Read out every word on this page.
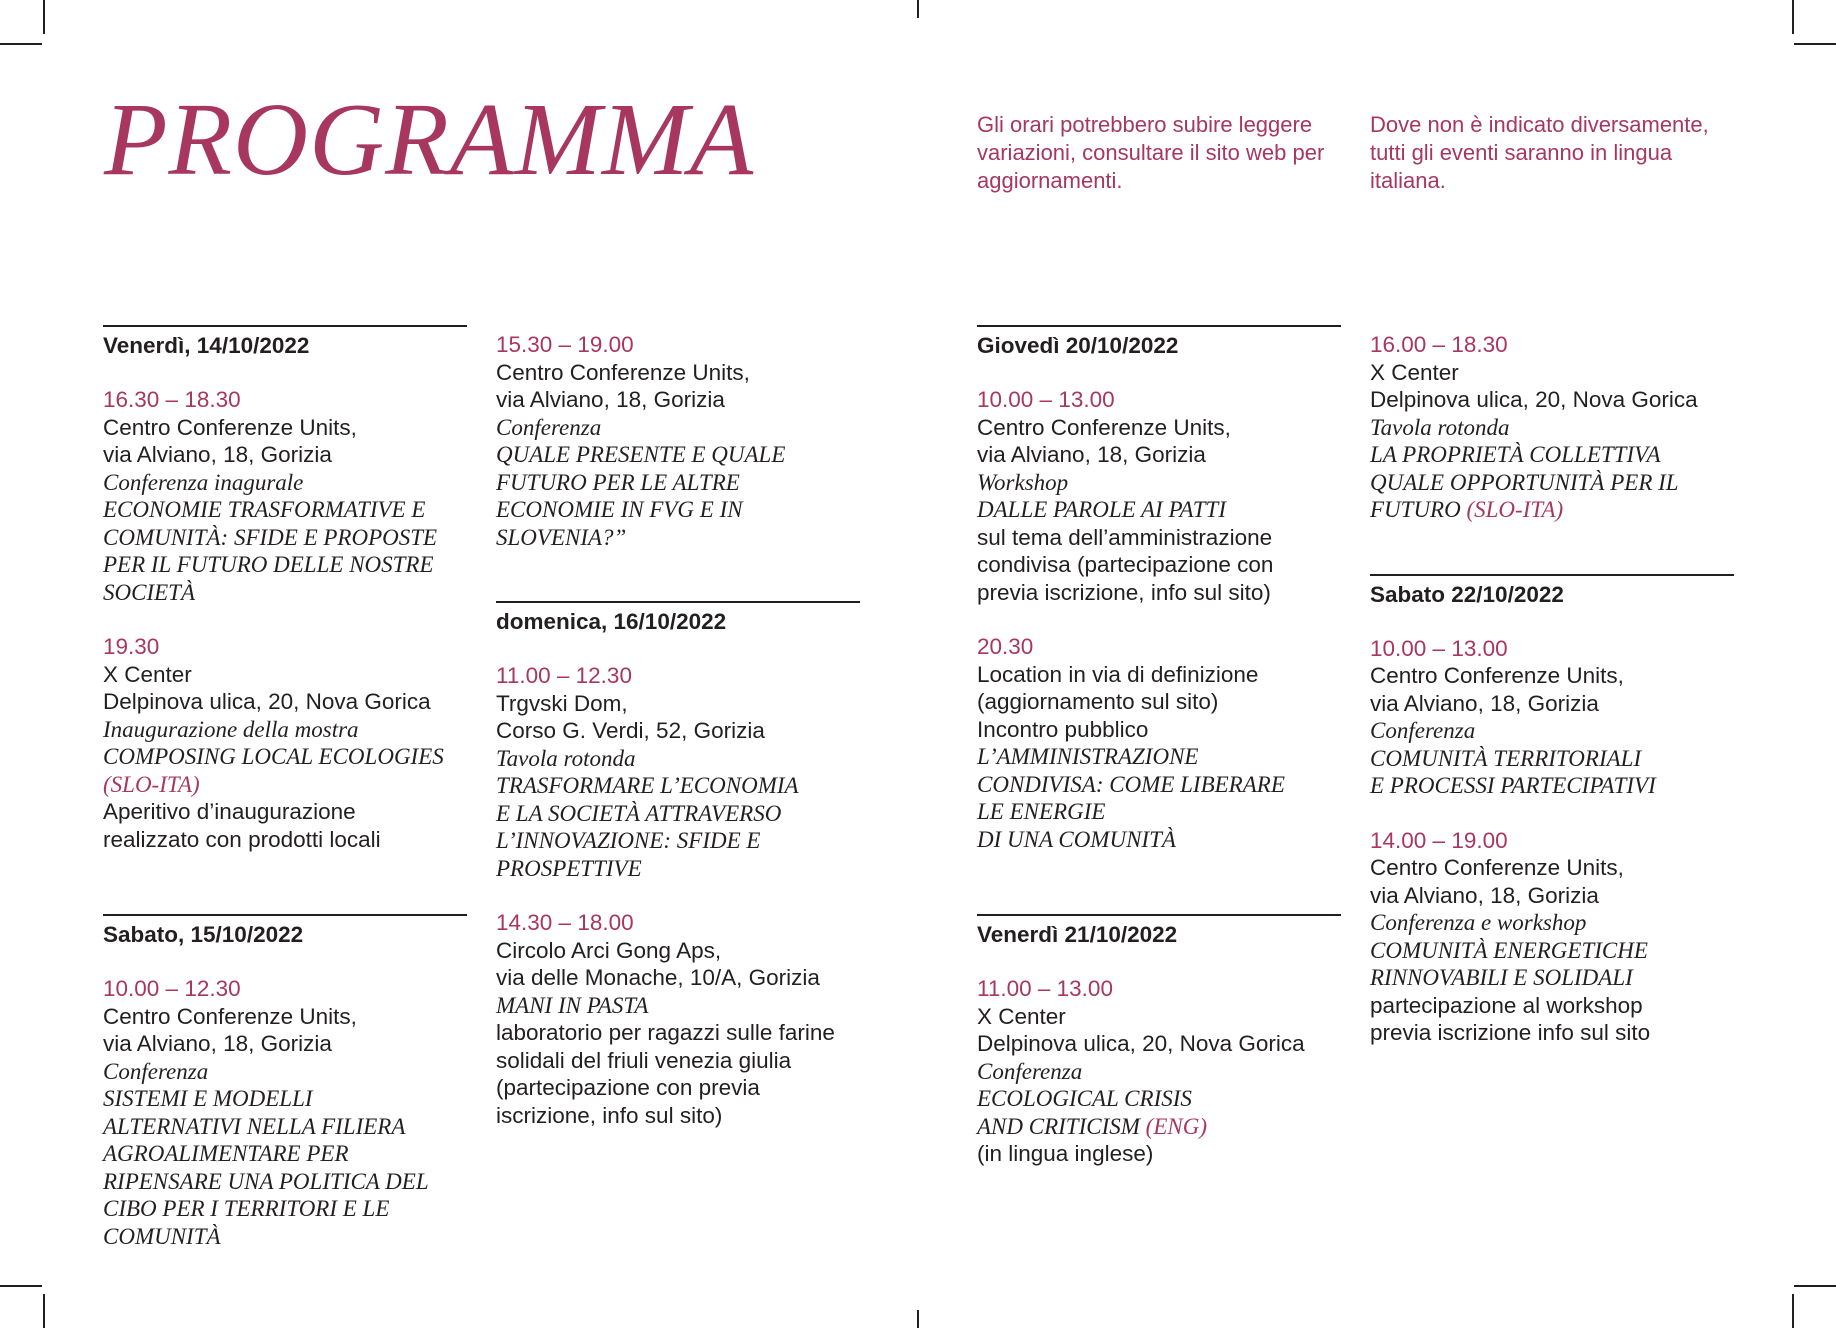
PROGRAMMA	Gli orari potrebbero subire leggere variazioni, consultare il sito web per aggiornamenti.

Dove non è indicato diversamente, tutti gli eventi saranno in lingua italiana.

Venerdì, 14/10/2022
16.30 – 18.30
Centro Conferenze Units,
via Alviano, 18, Gorizia
Conferenza inagurale
ECONOMIE TRASFORMATIVE E
COMUNITÀ: SFIDE E PROPOSTE
PER IL FUTURO DELLE NOSTRE
SOCIETÀ
19.30
X Center
Delpinova ulica, 20, Nova Gorica
Inaugurazione della mostra
COMPOSING LOCAL ECOLOGIES
(SLO-ITA)
Aperitivo d’inaugurazione
realizzato con prodotti locali
Sabato, 15/10/2022
10.00 – 12.30
Centro Conferenze Units,
via Alviano, 18, Gorizia
Conferenza
SISTEMI E MODELLI
ALTERNATIVI NELLA FILIERA
AGROALIMENTARE PER
RIPENSARE UNA POLITICA DEL
CIBO PER I TERRITORI E LE
COMUNITÀ
15.30 – 19.00
Centro Conferenze Units,
via Alviano, 18, Gorizia
Conferenza
QUALE PRESENTE E QUALE
FUTURO PER LE ALTRE
ECONOMIE IN FVG E IN
SLOVENIA?”
domenica, 16/10/2022
11.00 – 12.30
Trgvski Dom,
Corso G. Verdi, 52, Gorizia
Tavola rotonda
TRASFORMARE L’ECONOMIA
E LA SOCIETÀ ATTRAVERSO
L’INNOVAZIONE: SFIDE E
PROSPETTIVE
14.30 – 18.00
Circolo Arci Gong Aps,
via delle Monache, 10/A, Gorizia
MANI IN PASTA
laboratorio per ragazzi sulle farine
solidali del friuli venezia giulia
(partecipazione con previa
iscrizione, info sul sito)
Giovedì 20/10/2022
10.00 – 13.00
Centro Conferenze Units,
via Alviano, 18, Gorizia
Workshop
DALLE PAROLE AI PATTI
sul tema dell’amministrazione
condivisa (partecipazione con
previa iscrizione, info sul sito)
20.30
Location in via di definizione
(aggiornamento sul sito)
Incontro pubblico
L’AMMINISTRAZIONE
CONDIVISA: COME LIBERARE
LE ENERGIE
DI UNA COMUNITÀ
Venerdì 21/10/2022
11.00 – 13.00
X Center
Delpinova ulica, 20, Nova Gorica
Conferenza
ECOLOGICAL CRISIS
AND CRITICISM (ENG)
(in lingua inglese)
16.00 – 18.30
X Center
Delpinova ulica, 20, Nova Gorica
Tavola rotonda
LA PROPRIETÀ COLLETTIVA
QUALE OPPORTUNITÀ PER IL
FUTURO (SLO-ITA)
Sabato 22/10/2022
10.00 – 13.00
Centro Conferenze Units,
via Alviano, 18, Gorizia
Conferenza
COMUNITÀ TERRITORIALI
E PROCESSI PARTECIPATIVI
14.00 – 19.00
Centro Conferenze Units,
via Alviano, 18, Gorizia
Conferenza e workshop
COMUNITÀ ENERGETICHE
RINNOVABILI E SOLIDALI
partecipazione al workshop
previa iscrizione info sul sito
